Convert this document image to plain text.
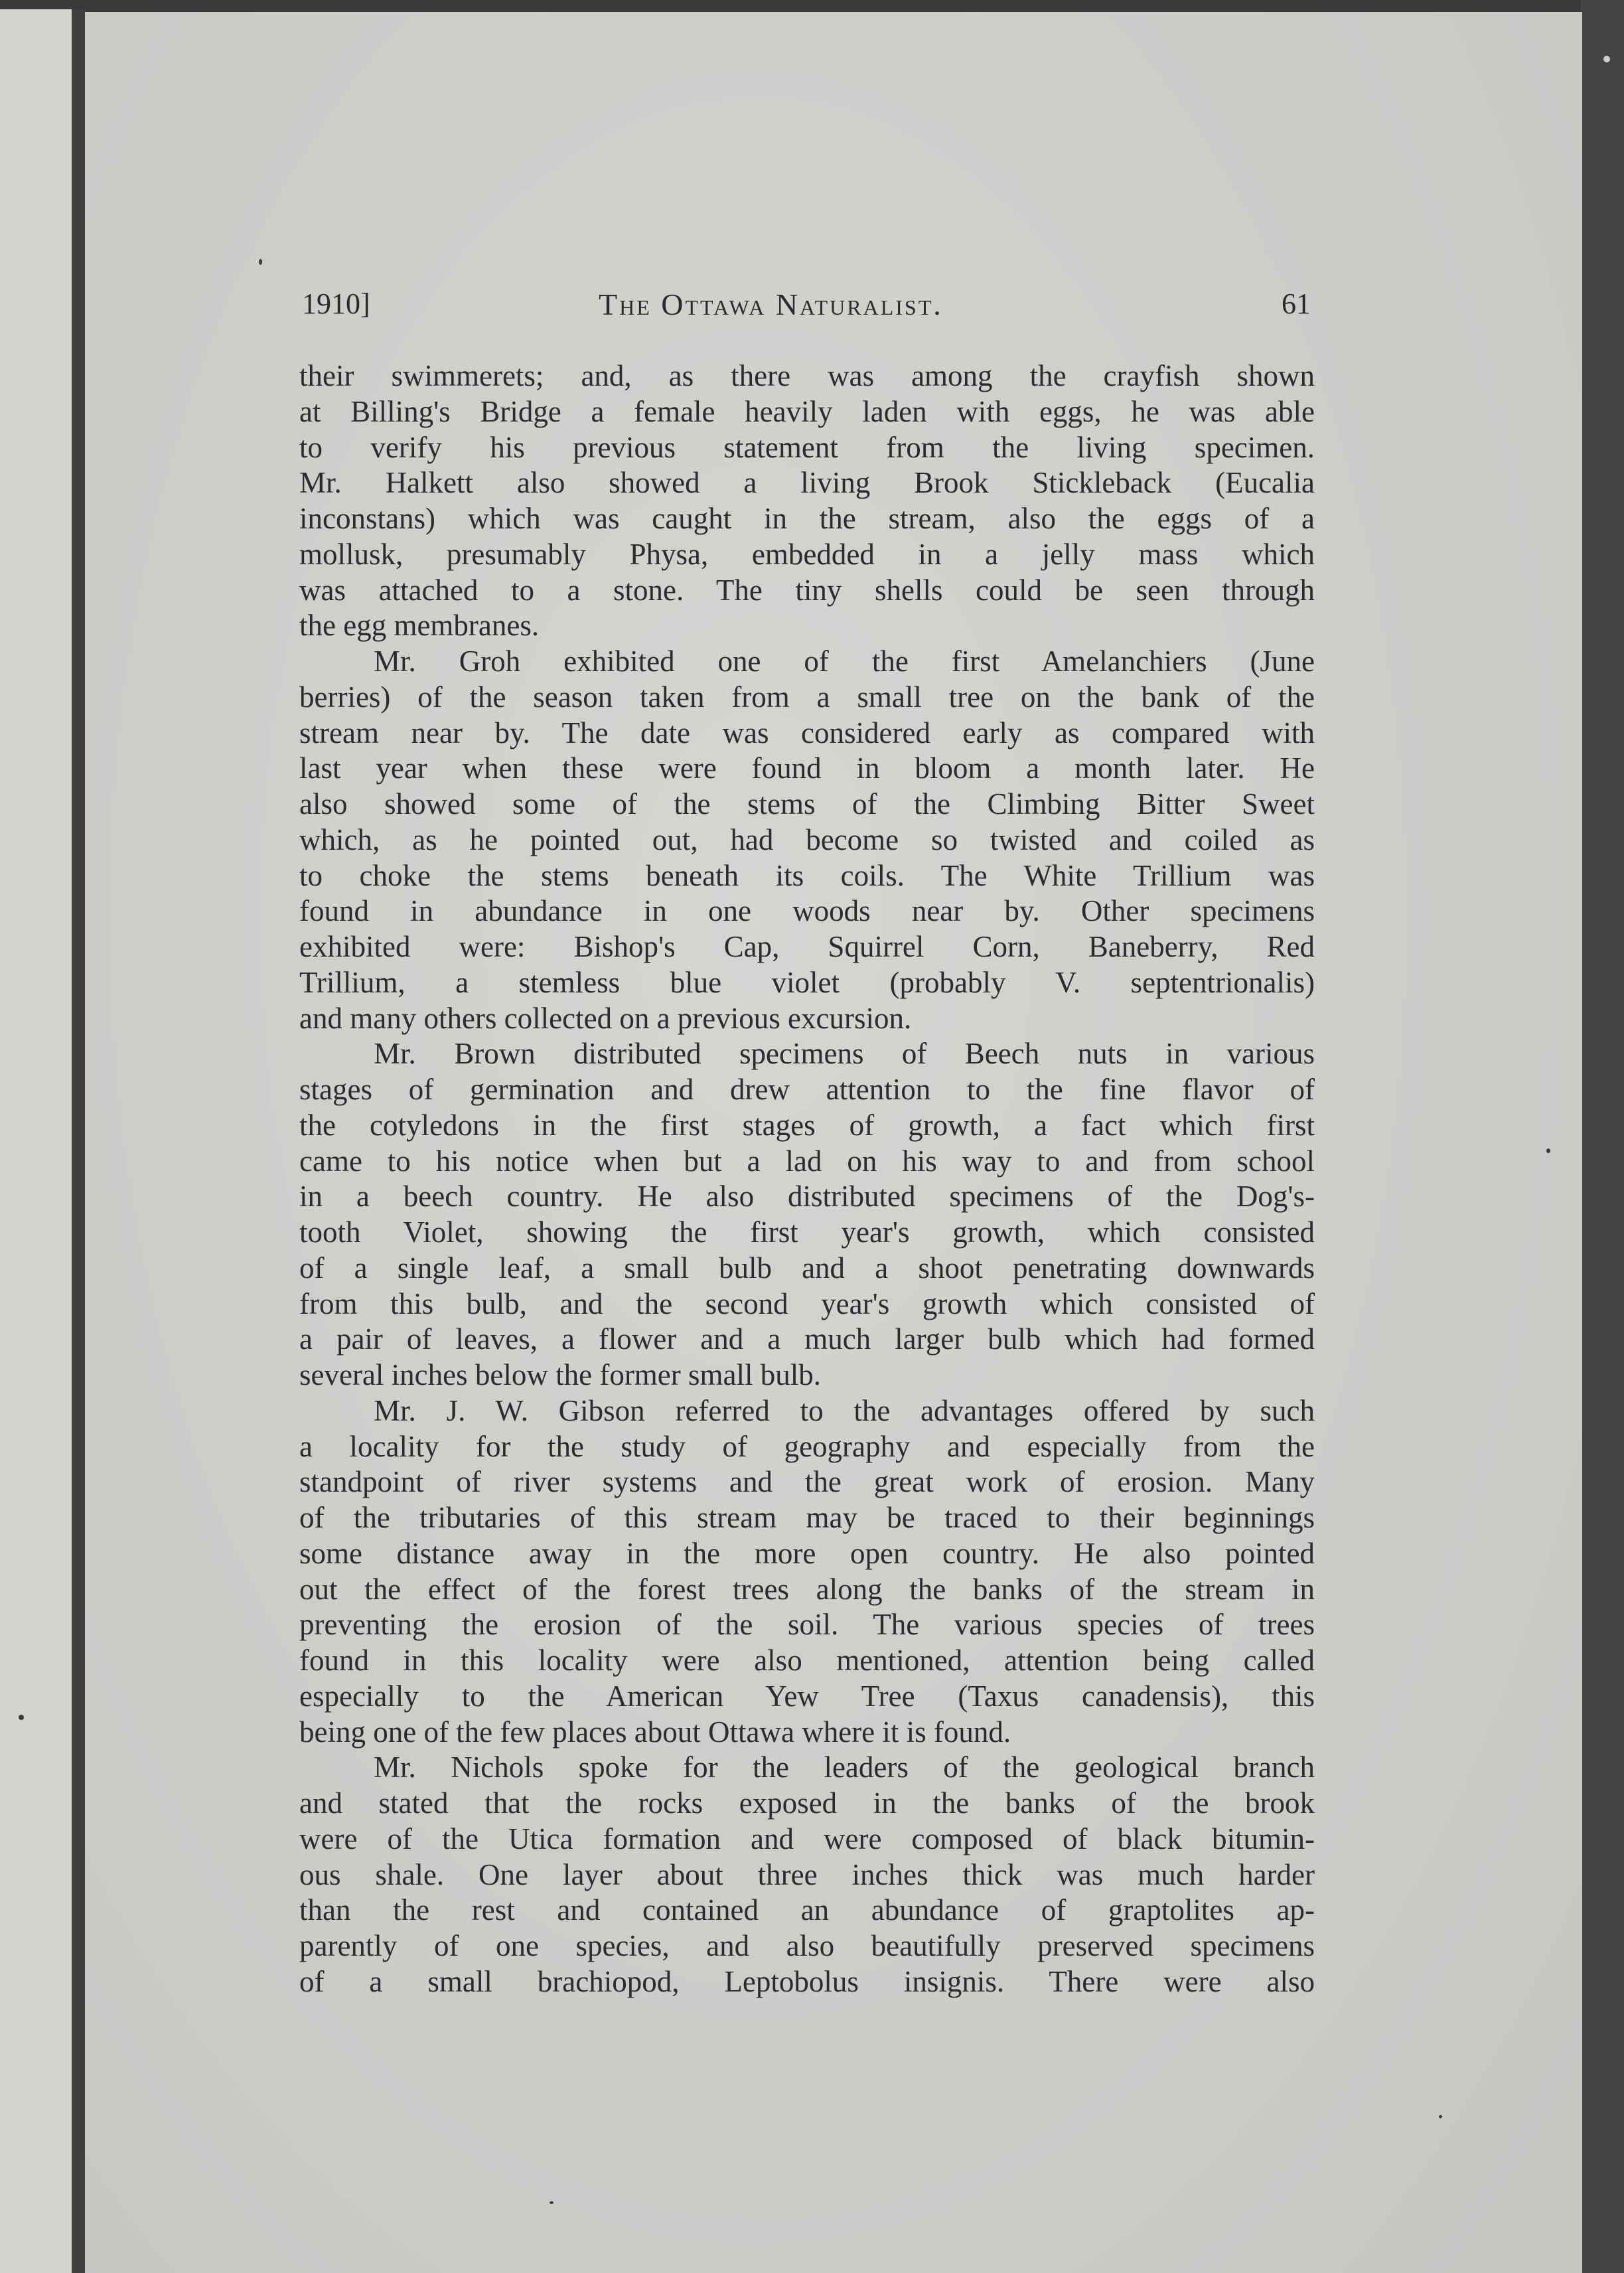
1910]	The Ottawa Naturalist.	61
their swimmerets; and, as there was among the crayfish shown
at Billing's Bridge a female heavily laden with eggs, he was able
to verify his previous statement from the living specimen.
Mr. Halkett also showed a living Brook Stickleback (Eucalia
inconstans) which was caught in the stream, also the eggs of a
mollusk, presumably Physa, embedded in a jelly mass which
was attached to a stone. The tiny shells could be seen through
the egg membranes.
Mr. Groh exhibited one of the first Amelanchiers (June
berries) of the season taken from a small tree on the bank of the
stream near by. The date was considered early as compared with
last year when these were found in bloom a month later. He
also showed some of the stems of the Climbing Bitter Sweet
which, as he pointed out, had become so twisted and coiled as
to choke the stems beneath its coils. The White Trillium was
found in abundance in one woods near by. Other specimens
exhibited were: Bishop's Cap, Squirrel Corn, Baneberry, Red
Trillium, a stemless blue violet (probably V. septentrionalis)
and many others collected on a previous excursion.
Mr. Brown distributed specimens of Beech nuts in various
stages of germination and drew attention to the fine flavor of
the cotyledons in the first stages of growth, a fact which first
came to his notice when but a lad on his way to and from school
in a beech country. He also distributed specimens of the Dog's-
tooth Violet, showing the first year's growth, which consisted
of a single leaf, a small bulb and a shoot penetrating downwards
from this bulb, and the second year's growth which consisted of
a pair of leaves, a flower and a much larger bulb which had formed
several inches below the former small bulb.
Mr. J. W. Gibson referred to the advantages offered by such
a locality for the study of geography and especially from the
standpoint of river systems and the great work of erosion. Many
of the tributaries of this stream may be traced to their beginnings
some distance away in the more open country. He also pointed
out the effect of the forest trees along the banks of the stream in
preventing the erosion of the soil. The various species of trees
found in this locality were also mentioned, attention being called
especially to the American Yew Tree (Taxus canadensis), this
being one of the few places about Ottawa where it is found.
Mr. Nichols spoke for the leaders of the geological branch
and stated that the rocks exposed in the banks of the brook
were of the Utica formation and were composed of black bitumin-
ous shale. One layer about three inches thick was much harder
than the rest and contained an abundance of graptolites ap-
parently of one species, and also beautifully preserved specimens
of a small brachiopod, Leptobolus insignis. There were also
